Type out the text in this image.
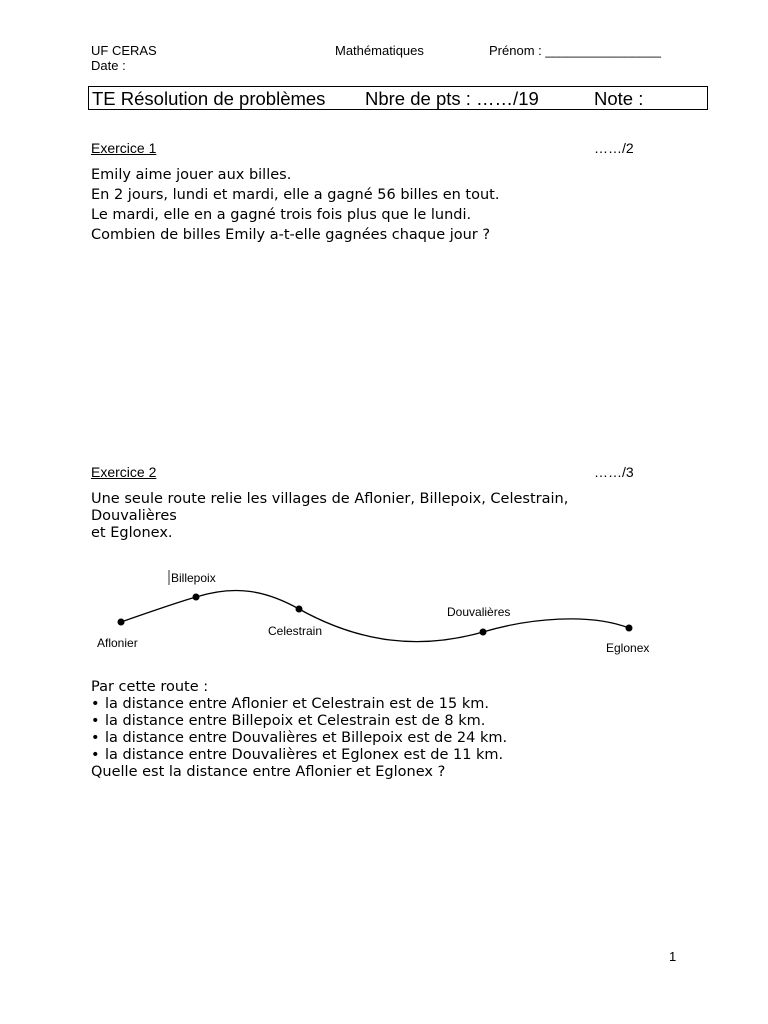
UF CERAS	Mathématiques	Prénom : ________________
Date :
TE Résolution de problèmes Nbre de pts : ……/19	Note :
Exercice 1	……/2
Emily aime jouer aux billes.
En 2 jours, lundi et mardi, elle a gagné 56 billes en tout.
Le mardi, elle en a gagné trois fois plus que le lundi.
Combien de billes Emily a-t-elle gagnées chaque jour ?
Exercice 2	……/3
Une seule route relie les villages de Aflonier, Billepoix, Celestrain,
Douvalières
et Eglonex.
Aflonier
Billepoix
Celestrain
Douvalières
Eglonex
Par cette route :
• la distance entre Aflonier et Celestrain est de 15 km.
• la distance entre Billepoix et Celestrain est de 8 km.
• la distance entre Douvalières et Billepoix est de 24 km.
• la distance entre Douvalières et Eglonex est de 11 km.
Quelle est la distance entre Aflonier et Eglonex ?
1
